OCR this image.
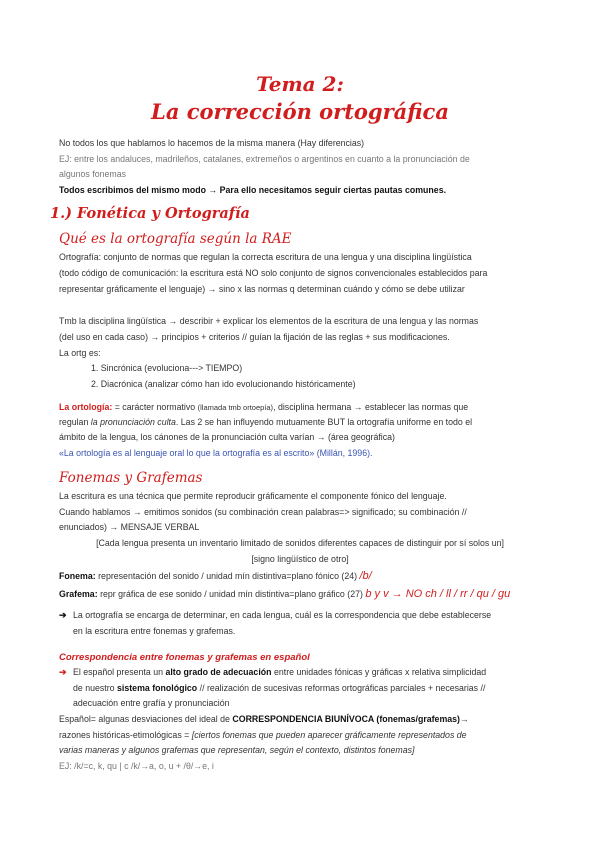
Tema 2:
La corrección ortográfica
No todos los que hablamos lo hacemos de la misma manera (Hay diferencias)
EJ: entre los andaluces, madrileños, catalanes, extremeños o argentinos en cuanto a la pronunciación de
algunos fonemas
Todos escribimos del mismo modo → Para ello necesitamos seguir ciertas pautas comunes.
1.) Fonética y Ortografía
Qué es la ortografía según la RAE
Ortografía: conjunto de normas que regulan la correcta escritura de una lengua y una disciplina lingüística
(todo código de comunicación: la escritura está NO solo conjunto de signos convencionales establecidos para
representar gráficamente el lenguaje) → sino x las normas q determinan cuándo y cómo se debe utilizar
Tmb la disciplina lingüística → describir + explicar los elementos de la escritura de una lengua y las normas
(del uso en cada caso) → principios + criterios // guían la fijación de las reglas + sus modificaciones.
La ortg es:
1. Sincrónica (evoluciona---> TIEMPO)
2. Diacrónica (analizar cómo han ido evolucionando históricamente)
La ortología: = carácter normativo (llamada tmb ortoepía), disciplina hermana → establecer las normas que
regulan la pronunciación culta. Las 2 se han influyendo mutuamente BUT la ortografía uniforme en todo el
ámbito de la lengua, los cánones de la pronunciación culta varían → (área geográfica)
«La ortología es al lenguaje oral lo que la ortografía es al escrito» (Millán, 1996).
Fonemas y Grafemas
La escritura es una técnica que permite reproducir gráficamente el componente fónico del lenguaje.
Cuando hablamos → emitimos sonidos (su combinación crean palabras=> significado; su combinación //
enunciados) → MENSAJE VERBAL
[Cada lengua presenta un inventario limitado de sonidos diferentes capaces de distinguir por sí solos un]
[signo lingüístico de otro]
Fonema: representación del sonido / unidad mín distintiva=plano fónico (24) /b/
Grafema: repr gráfica de ese sonido / unidad mín distintiva=plano gráfico (27) b y v → NO ch / ll / rr / qu / gu
➔ La ortografía se encarga de determinar, en cada lengua, cuál es la correspondencia que debe establecerse
en la escritura entre fonemas y grafemas.
Correspondencia entre fonemas y grafemas en español
➔ El español presenta un alto grado de adecuación entre unidades fónicas y gráficas x relativa simplicidad
de nuestro sistema fonológico // realización de sucesivas reformas ortográficas parciales + necesarias //
adecuación entre grafía y pronunciación
Español= algunas desviaciones del ideal de CORRESPONDENCIA BIUNÍVOCA (fonemas/grafemas)→
razones históricas-etimológicas = [ciertos fonemas que pueden aparecer gráficamente representados de
varias maneras y algunos grafemas que representan, según el contexto, distintos fonemas]
EJ: /k/=c, k, qu | c /k/→a, o, u + /θ/→e, i
